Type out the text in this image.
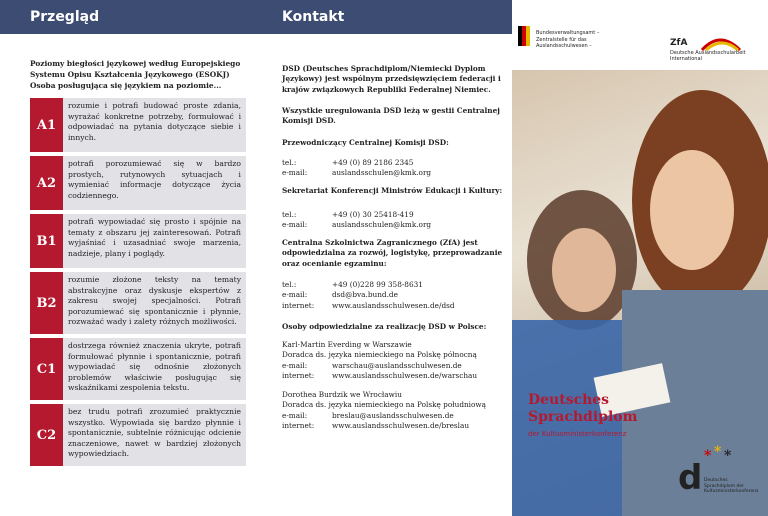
Przegląd
Poziomy biegłości językowej według Europejskiego Systemu Opisu Kształcenia Językowego (ESOKJ) Osoba posługująca się językiem na poziomie...
A1
rozumie i potrafi budować proste zdania, wyrażać konkretne potrzeby, formułować i odpowiadać na pytania dotyczące siebie i innych.
A2
potrafi porozumiewać się w bardzo prostych, rutynowych sytuacjach i wymieniać informacje dotyczące życia codziennego.
B1
potrafi wypowiadać się prosto i spójnie na tematy z obszaru jej zainteresowań. Potrafi wyjaśniać i uzasadniać swoje marzenia, nadzieje, plany i poglądy.
B2
rozumie złożone teksty na tematy abstrakcyjne oraz dyskusje ekspertów z zakresu swojej specjalności. Potrafi porozumiewać się spontanicznie i płynnie, rozważać wady i zalety różnych możliwości.
C1
dostrzega również znaczenia ukryte, potrafi formułować płynnie i spontanicznie, potrafi wypowiadać się odnośnie złożonych problemów właściwie posługując się wskaźnikami zespolenia tekstu.
C2
bez trudu potrafi zrozumieć praktycznie wszystko. Wypowiada się bardzo płynnie i spontanicznie, subtelnie różnicując odcienie znaczeniowe, nawet w bardziej złożonych wypowiedziach.
Kontakt
DSD (Deutsches Sprachdiplom/Niemiecki Dyplom Językowy) jest wspólnym przedsięwzięciem federacji i krajów związkowych Republiki Federalnej Niemiec.
Wszystkie uregulowania DSD leżą w gestii Centralnej Komisji DSD.
Przewodniczący Centralnej Komisji DSD:
tel.:	+49 (0) 89 2186 2345
e-mail:	auslandsschulen@kmk.org
Sekretariat Konferencji Ministrów Edukacji i Kultury:
tel.:	+49 (0) 30 25418-419
e-mail:	auslandsschulen@kmk.org
Centralna Szkolnictwa Zagranicznego (ZfA) jest odpowiedzialna za rozwój, logistykę, przeprowadzanie oraz ocenianie egzaminu:
tel.:	+49 (0)228 99 358-8631
e-mail:	dsd@bva.bund.de
internet:	www.auslandsschulwesen.de/dsd
Osoby odpowiedzialne za realizację DSD w Polsce:
Karl-Martin Everding w Warszawie
Doradca ds. języka niemieckiego na Polskę północną
e-mail:	warschau@auslandsschulwesen.de
internet:	www.auslandsschulwesen.de/warschau
Dorothea Burdzik we Wrocławiu
Doradca ds. języka niemieckiego na Polskę południową
e-mail:	breslau@auslandsschulwesen.de
internet:	www.auslandsschulwesen.de/breslau
Bundesverwaltungsamt – Zentralstelle für das Auslandsschulwesen –	ZfA
Deutsche Auslandsschularbeit International
Deutsches
Sprachdiplom
der Kultusministerkonferenz
d
* * *
Deutsches Sprachdiplom der Kultusministerkonferenz
